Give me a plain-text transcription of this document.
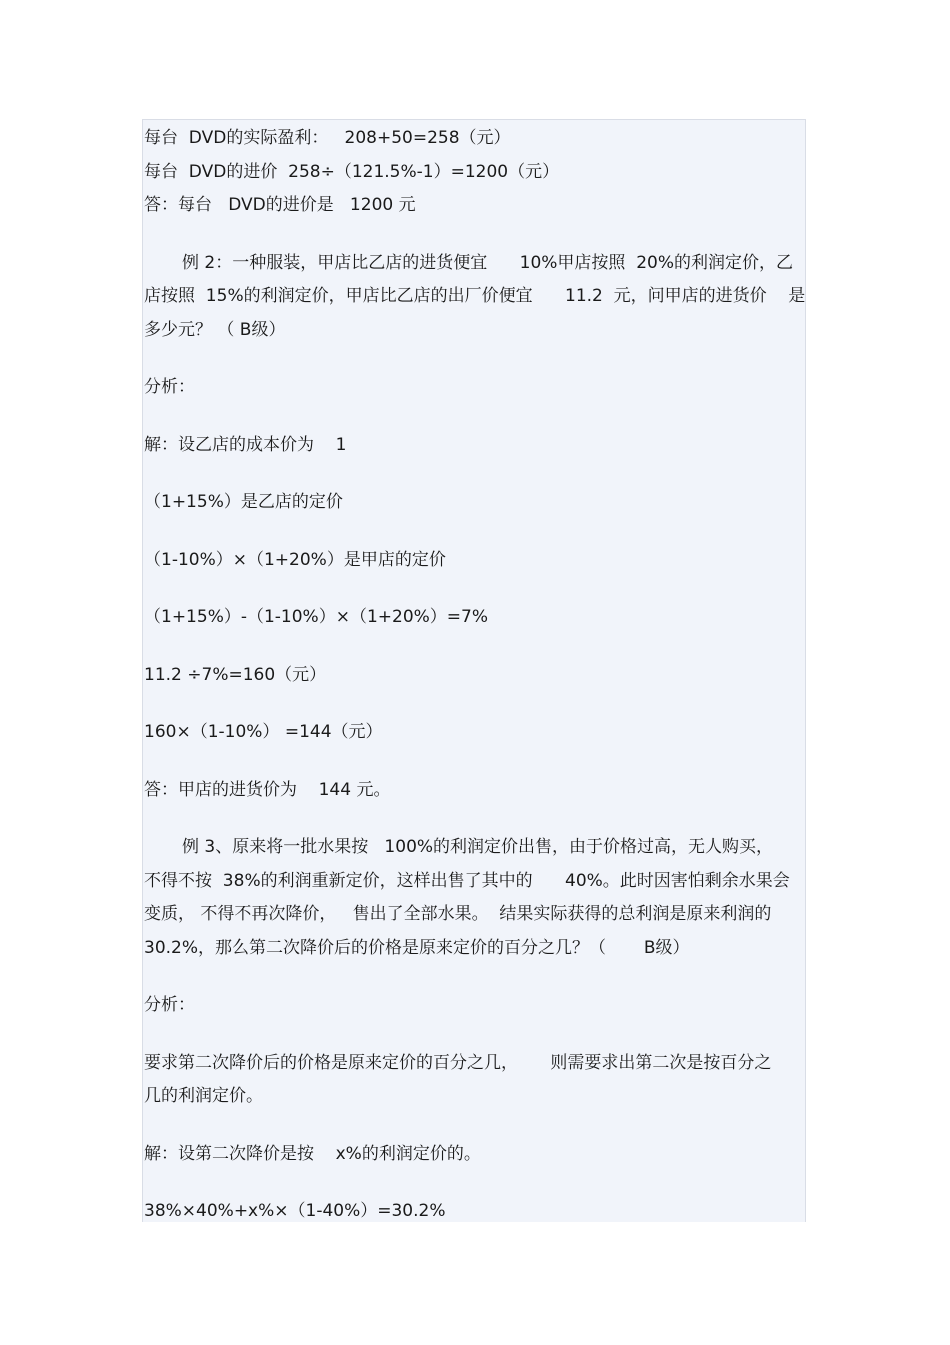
每台  DVD的实际盈利：   208+50=258（元）

每台  DVD的进价  258÷（121.5%-1）=1200（元）

答：每台   DVD的进价是   1200 元

例 2：一种服装，甲店比乙店的进货便宜      10%甲店按照  20%的利润定价，乙

店按照  15%的利润定价，甲店比乙店的出厂价便宜      11.2  元，问甲店的进货价    是

多少元？ （ B级）

分析：

解：设乙店的成本价为    1

（1+15%）是乙店的定价

（1-10%）×（1+20%）是甲店的定价

（1+15%）-（1-10%）×（1+20%）=7%

11.2 ÷7%=160（元）

160×（1-10%） =144（元）

答：甲店的进货价为    144 元。

例 3、原来将一批水果按   100%的利润定价出售，由于价格过高，无人购买，

不得不按  38%的利润重新定价，这样出售了其中的      40%。此时因害怕剩余水果会

变质， 不得不再次降价，   售出了全部水果。  结果实际获得的总利润是原来利润的

30.2%，那么第二次降价后的价格是原来定价的百分之几？（       B级）

分析：

要求第二次降价后的价格是原来定价的百分之几，      则需要求出第二次是按百分之

几的利润定价。

解：设第二次降价是按    x%的利润定价的。

38%×40%+x%×（1-40%）=30.2%
